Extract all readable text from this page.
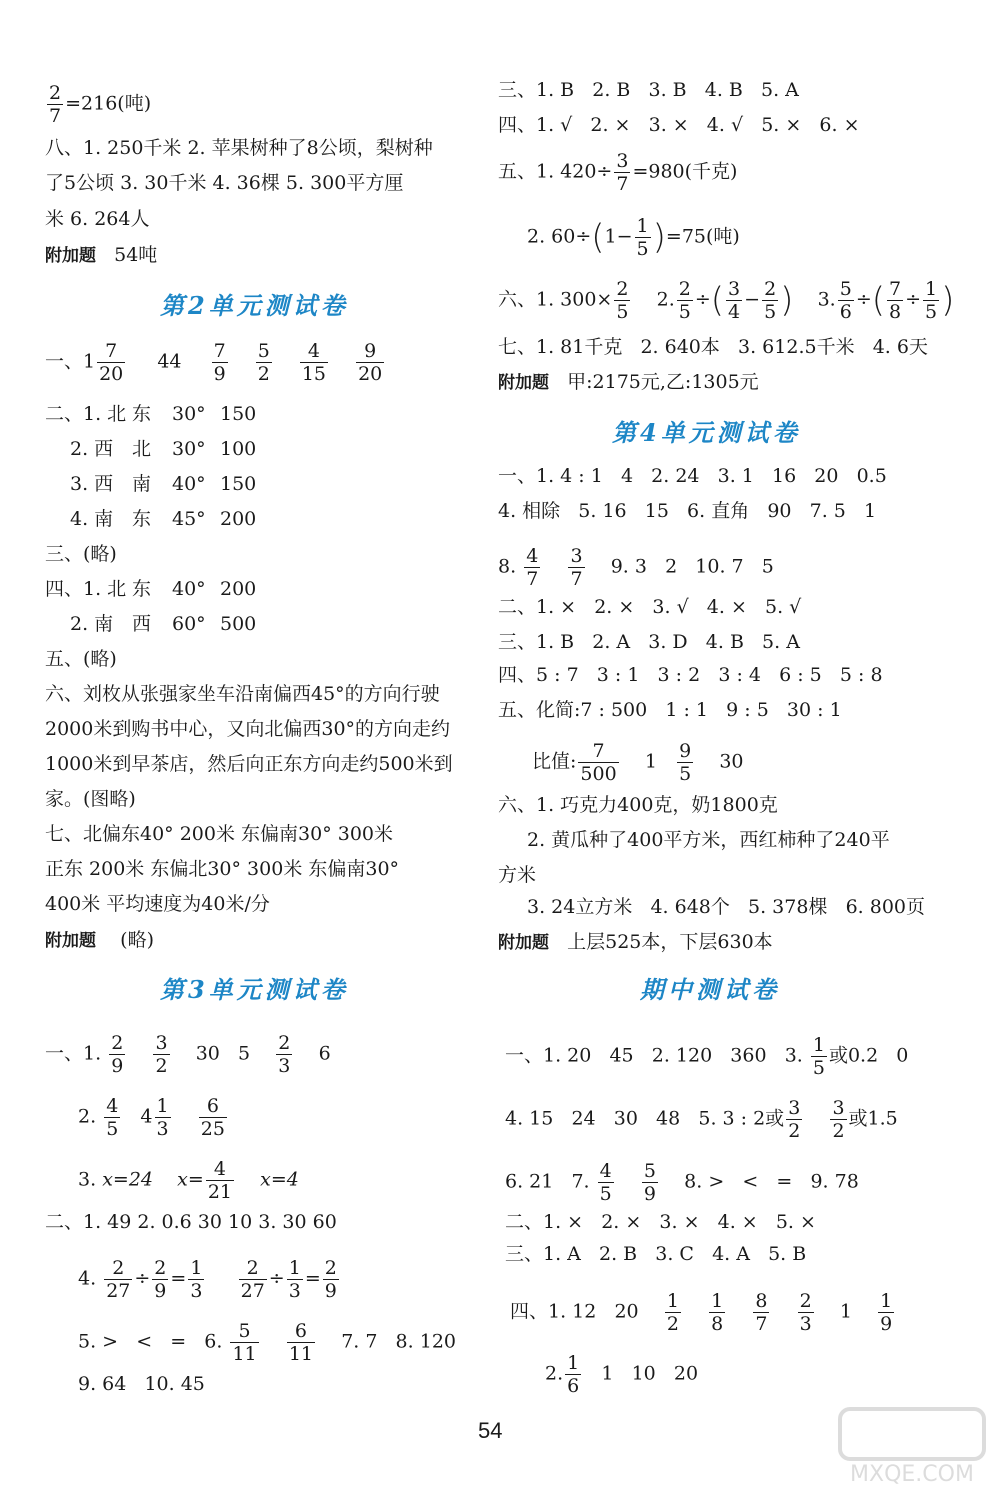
$\frac{2}{7} =216$(吨)
八、1. 250千米 2. 苹果树种了8公顷，梨树种
了5公顷 3. 30千米 4. 36棵 5. 300平方厘
米 6. 264人
附加题 54吨
第2单元测试卷
一、$1 \frac{7}{20} 44 \frac{7}{9}$
$\frac{5}{2}$
$\frac{4}{15}$
$\frac{9}{20}$
二、1. 北 东 30° 150
2. 西 北 30° 100
3. 西 南 40° 150
4. 南 东 45° 200
三、(略)
四、1. 北 东 40° 200
2. 南 西 60° 500
五、(略)
六、刘枚从张强家坐车沿南偏西45°的方向行驶
2000米到购书中心，又向北偏西30°的方向走约
1000米到早茶店，然后向正东方向走约500米到
家。(图略)
七、北偏东40° 200米 东偏南30° 300米
正东 200米 东偏北30° 300米 东偏南30°
400米 平均速度为40米/分
附加题 (略)
第3单元测试卷
一、1. $\frac{2}{9}$
$\frac{3}{2} 30$ $5 \frac{2}{3} 6$
2. $\frac{4}{5} 4 \frac{1}{3}$
$\frac{6}{25}$
3. x=24 $x= \frac{4}{21} x=4$
二、1. 49 2. 0.6 30 10 3. 30 60
4. $\frac{2}{27} \div \frac{2}{9} = \frac{1}{3}$
$\frac{2}{27} \div \frac{1}{3} = \frac{2}{9}$
5. >   <   =   6. $\frac{5}{11}$
$\frac{6}{11} 7$. 7   8. 120
9. 64   10. 45
三、1. B   2. B   3. B   4. B   5. A
四、1. √   2. ×   3. ×   4. √   5. ×   6. ×
五、1. $420\div \frac{3}{7} =980$(千克)
2. $60\div(1- \frac{1}{5} )=75$(吨)
六、1. $300\times \frac{2}{5} 2$. $\frac{2}{5}$ ÷( $\frac{3}{4} - \frac{2}{5}$ ) 3. $\frac{5}{6}$ ÷( $\frac{7}{8} \div \frac{1}{5}$ )
七、1. 81千克   2. 640本   3. 612.5千米   4. 6天
附加题 甲:2175元,乙:1305元
第4单元测试卷
一、1. 4 : 1   4   2. 24   3. 1   16   20   0.5
4. 相除   5. 16   15   6. 直角   90   7. 5   1
8. $\frac{4}{7}$
$\frac{3}{7} 9$. 3   2   10. 7   5
二、1. ×   2. ×   3. √   4. ×   5. √
三、1. B   2. A   3. D   4. B   5. A
四、5 : 7   3 : 1   3 : 2   3 : 4   6 : 5   5 : 8
五、化简:7 : 500   1 : 1   9 : 5   30 : 1
比值: $\frac{7}{500} 1 \frac{9}{5} 30$
六、1. 巧克力400克，奶1800克
2. 黄瓜种了400平方米，西红柿种了240平
方米
3. 24立方米   4. 648个   5. 378棵   6. 800页
附加题 上层525本，下层630本
期中测试卷
一、1. 20   45   2. 120   360   3. $\frac{1}{5}$ 或0.2   0
4. 15   24   30   48   5. 3 : 2或 $\frac{3}{2}$
$\frac{3}{2}$ 或1.5
6. 21   7. $\frac{4}{5}$
$\frac{5}{9} 8$. >   <   =   9. 78
二、1. ×   2. ×   3. ×   4. ×   5. ×
三、1. A   2. B   3. C   4. A   5. B
四、1. 12   $20 \frac{1}{2}$
$\frac{1}{8}$
$\frac{8}{7}$
$\frac{2}{3} 1 \frac{1}{9}$
2. $\frac{1}{6} 1$   10   20
54
MXQE.COM
